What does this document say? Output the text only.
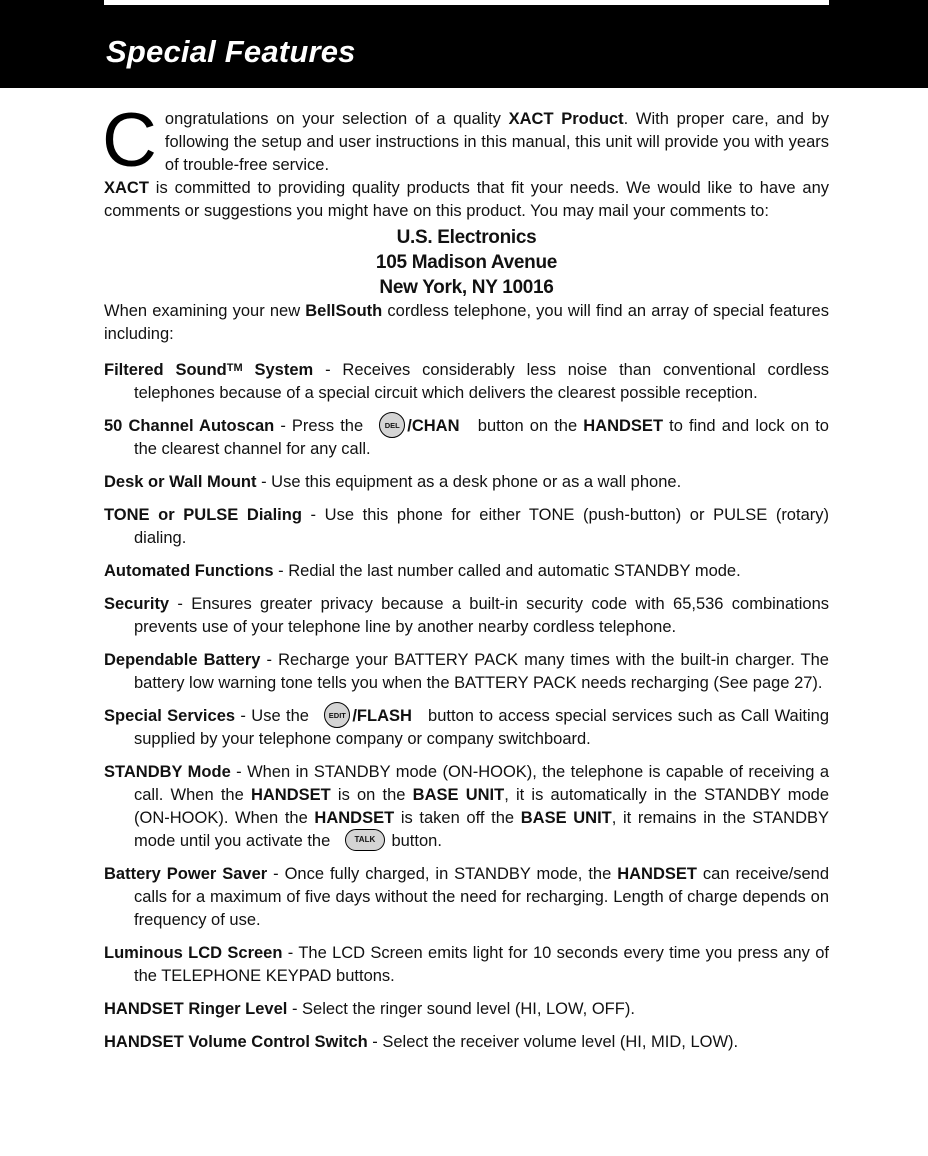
Special Features

Congratulations on your selection of a quality XACT Product. With proper care, and by following the setup and user instructions in this manual, this unit will provide you with years of trouble-free service.
XACT is committed to providing quality products that fit your needs. We would like to have any comments or suggestions you might have on this product. You may mail your comments to:

U.S. Electronics
105 Madison Avenue
New York, NY 10016

When examining your new BellSouth cordless telephone, you will find an array of special features including:

Filtered Sound™ System - Receives considerably less noise than conventional cordless telephones because of a special circuit which delivers the clearest possible reception.

50 Channel Autoscan - Press the DEL /CHAN   button on the HANDSET to find and lock on to the clearest channel for any call.

Desk or Wall Mount - Use this equipment as a desk phone or as a wall phone.

TONE or PULSE Dialing - Use this phone for either TONE (push-button) or PULSE (rotary) dialing.

Automated Functions - Redial the last number called and automatic STANDBY mode.

Security - Ensures greater privacy because a built-in security code with 65,536 combinations prevents use of your telephone line by another nearby cordless telephone.

Dependable Battery - Recharge your BATTERY PACK many times with the built-in charger. The battery low warning tone tells you when the BATTERY PACK needs recharging (See page 27).

Special Services - Use the EDIT /FLASH   button to access special services such as Call Waiting supplied by your telephone company or company switchboard.

STANDBY Mode - When in STANDBY mode (ON-HOOK), the telephone is capable of receiving a call. When the HANDSET is on the BASE UNIT, it is automatically in the STANDBY mode (ON-HOOK). When the HANDSET is taken off the BASE UNIT, it remains in the STANDBY mode until you activate the TALK button.

Battery Power Saver - Once fully charged, in STANDBY mode, the HANDSET can receive/send calls for a maximum of five days without the need for recharging. Length of charge depends on frequency of use.

Luminous LCD Screen - The LCD Screen emits light for 10 seconds every time you press any of the TELEPHONE KEYPAD buttons.

HANDSET Ringer Level - Select the ringer sound level (HI, LOW, OFF).

HANDSET Volume Control Switch - Select the receiver volume level (HI, MID, LOW).
